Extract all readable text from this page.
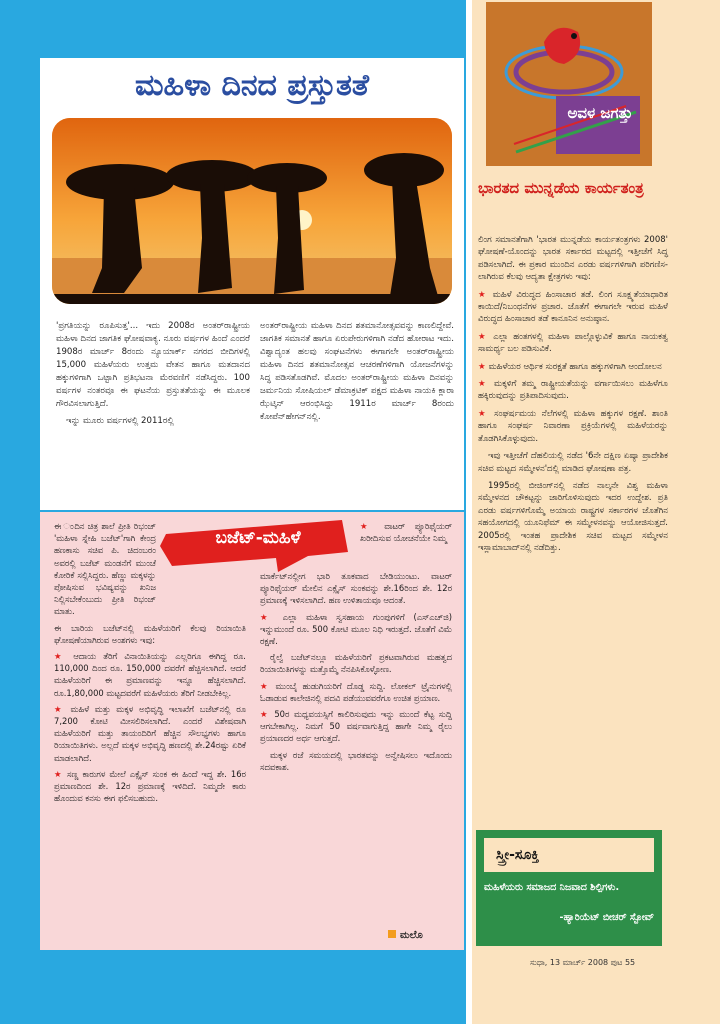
ಮಹಿಳಾ ದಿನದ ಪ್ರಸ್ತುತತೆ

'ಪ್ರಗತಿಯನ್ನು ರೂಪಿಸುತ್ತ'... ಇದು 2008ರ ಅಂತರ್‌ರಾಷ್ಟ್ರೀಯ ಮಹಿಳಾ ದಿನದ ಜಾಗತಿಕ ಘೋಷವಾಕ್ಯ. ನೂರು ವರ್ಷಗಳ ಹಿಂದೆ ಎಂದರೆ 1908ರ ಮಾರ್ಚ್ 8ರಂದು ನ್ಯೂಯಾರ್ಕ್ ನಗರದ ಬೀದಿಗಳಲ್ಲಿ 15,000 ಮಹಿಳೆಯರು ಉತ್ತಮ ವೇತನ ಹಾಗೂ ಮತದಾನದ ಹಕ್ಕುಗಳಿಗಾಗಿ ಒಟ್ಟಾಗಿ ಪ್ರತಿಭಟನಾ ಮೆರವಣಿಗೆ ನಡೆಸಿದ್ದರು. 100 ವರ್ಷಗಳ ನಂತರವೂ ಈ ಘಟನೆಯ ಪ್ರಸ್ತುತತೆಯನ್ನು ಈ ಮೂಲಕ ಗೌರವಿಸಲಾಗುತ್ತಿದೆ.

ಇನ್ನು ಮೂರು ವರ್ಷಗಳಲ್ಲಿ 2011ರಲ್ಲಿ

ಅಂತರ್‌ರಾಷ್ಟ್ರೀಯ ಮಹಿಳಾ ದಿನದ ಶತಮಾನೋತ್ಸವವನ್ನು ಕಾಣಲಿದ್ದೇವೆ. ಜಾಗತಿಕ ಸಮಾನತೆ ಹಾಗೂ ಏರುಪೇರುಗಳಿಗಾಗಿ ನಡೆದ ಹೋರಾಟ ಇದು. ವಿಶ್ವಾದ್ಯಂತ ಹಲವು ಸಂಘಟನೆಗಳು ಈಗಾಗಲೇ ಅಂತರ್‌ರಾಷ್ಟ್ರೀಯ ಮಹಿಳಾ ದಿನದ ಶತಮಾನೋತ್ಸವ ಆಚರಣೆಗಳಿಗಾಗಿ ಯೋಜನೆಗಳನ್ನು ಸಿದ್ಧ ಪಡಿಸತೊಡಗಿವೆ. ಮೊದಲ ಅಂತರ್‌ರಾಷ್ಟ್ರೀಯ ಮಹಿಳಾ ದಿನವನ್ನು ಜರ್ಮನಿಯ ಸೋಷಿಯಲ್ ಡೆಮಾಕ್ರಟಿಕ್ ಪಕ್ಷದ ಮಹಿಳಾ ನಾಯಕಿ ಕ್ಲಾರಾ ಝೆಟ್ಕಿನ್ ಆರಂಭಿಸಿದ್ದು 1911ರ ಮಾರ್ಚ್ 8ರಂದು ಕೋಪೆನ್‌ಹೇಗನ್‌ನಲ್ಲಿ.

ಬಜೆಟ್-ಮಹಿಳೆ

ಈ ಂದಿನ ಚಿತ್ರ ಶಾಲೆ ಪ್ರೀತಿ ರಿಭಂಜ್ 'ಮಹಿಳಾ ಸ್ನೇಹಿ ಬಜೆಟ್'ಗಾಗಿ ಕೇಂದ್ರ ಹಣಕಾಸು ಸಚಿವ ಪಿ. ಚಿದಂಬರಂ ಅವರಲ್ಲಿ ಬಜೆಟ್ ಮಂಡನೆಗೆ ಮುಂಚೆ ಕೋರಿಕೆ ಸಲ್ಲಿಸಿದ್ದರು. ಹೆಣ್ಣು ಮಕ್ಕಳನ್ನು ಪೋಷಿಸುವ ಭವಿಷ್ಯವನ್ನು ಖನಿಜ ನಿಲ್ಲಿಸಬೇಕೆಂಬುದು ಪ್ರೀತಿ ರಿಭಂಜ್ ಮಾತು.

ಈ ಬಾರಿಯ ಬಜೆಟ್‌ನಲ್ಲಿ ಮಹಿಳೆಯರಿಗೆ ಕೆಲವು ರಿಯಾಯಿತಿ ಘೋಷಣೆಯಾಗಿರುವ ಅಂಶಗಳು ಇವು:

★ ಆದಾಯ ತೆರಿಗೆ ವಿನಾಯಿತಿಯನ್ನು ಎಲ್ಲರಿಗೂ ಈಗಿದ್ದ ರೂ. 110,000 ದಿಂದ ರೂ. 150,000 ದವರೆಗೆ ಹೆಚ್ಚಿಸಲಾಗಿದೆ. ಆದರೆ ಮಹಿಳೆಯರಿಗೆ ಈ ಪ್ರಮಾಣವನ್ನು ಇನ್ನೂ ಹೆಚ್ಚಿಸಲಾಗಿದೆ. ರೂ.1,80,000 ಮಟ್ಟದವರೆಗೆ ಮಹಿಳೆಯರು ತೆರಿಗೆ ನೀಡಬೇಕಿಲ್ಲ.

★ ಮಹಿಳೆ ಮತ್ತು ಮಕ್ಕಳ ಅಭಿವೃದ್ಧಿ ಇಲಾಖೆಗೆ ಬಜೆಟ್‌ನಲ್ಲಿ ರೂ 7,200 ಕೋಟಿ ಮೀಸಲಿರಿಸಲಾಗಿದೆ. ಎಂದರೆ ವಿಶೇಷವಾಗಿ ಮಹಿಳೆಯರಿಗೆ ಮತ್ತು ತಾಯಂದಿರಿಗೆ ಹೆಚ್ಚಿನ ಸೌಲಭ್ಯಗಳು ಹಾಗೂ ರಿಯಾಯಿತಿಗಳು. ಅಲ್ಲದೆ ಮಕ್ಕಳ ಅಭಿವೃದ್ಧಿ ಹಣದಲ್ಲಿ ಶೇ.24ರಷ್ಟು ಏರಿಕೆ ಮಾಡಲಾಗಿದೆ.

★ ಸಣ್ಣ ಕಾರುಗಳ ಮೇಲೆ ಎಕ್ಸೈಸ್ ಸುಂಕ ಈ ಹಿಂದೆ ಇದ್ದ ಶೇ. 16ರ ಪ್ರಮಾಣದಿಂದ ಶೇ. 12ರ ಪ್ರಮಾಣಕ್ಕೆ ಇಳಿದಿದೆ. ನಿಮ್ಮದೇ ಕಾರು ಹೊಂದುವ ಕನಸು ಈಗ ಫಲಿಸಬಹುದು.

★ ವಾಟರ್ ಪ್ಯೂರಿಫೈಯರ್ ಖರೀದಿಸುವ ಯೋಚನೆಯೇ ನಿಮ್ಮ

ಮಾರ್ಕೆಟ್‌ನಲ್ಲೀಗ ಭಾರಿ ತೂಕವಾದ ಬೇಡಿಯುಂಟು. ವಾಟರ್ ಪ್ಯೂರಿಫೈಯರ್ ಮೇಲಿನ ಎಕ್ಸೈಸ್ ಸುಂಕವನ್ನು ಶೇ.16ರಿಂದ ಶೇ. 12ರ ಪ್ರಮಾಣಕ್ಕೆ ಇಳಿಸಲಾಗಿದೆ. ಹಣ ಉಳಿತಾಯವೂ ಆದಂತೆ.

★ ಎಲ್ಲಾ ಮಹಿಳಾ ಸ್ವಸಹಾಯ ಗುಂಪುಗಳಿಗೆ (ಎಸ್‌ಎಚ್‌ಜಿ) ಇನ್ನುಮುಂದೆ ರೂ. 500 ಕೋಟಿ ಮೂಲ ನಿಧಿ ಇರುತ್ತದೆ. ಜೊತೆಗೆ ವಿಮೆ ರಕ್ಷಣೆ.

ರೈಲ್ವೆ ಬಜೆಟ್‌ನಲ್ಲೂ ಮಹಿಳೆಯರಿಗೆ ಪ್ರಕಟವಾಗಿರುವ ಮಹತ್ವದ ರಿಯಾಯಿತಿಗಳನ್ನು ಮತ್ತೊಮ್ಮೆ ನೆನಪಿಸಿಕೊಳ್ಳೋಣ.

★ ಮುಂಬೈ ಹುಡುಗಿಯರಿಗೆ ದೊಡ್ಡ ಸುದ್ದಿ. ಲೋಕಲ್ ಟ್ರೈನುಗಳಲ್ಲಿ ಓಡಾಡುವ ಕಾಲೇಜಿನಲ್ಲಿ ಪದವಿ ಪಡೆಯುವವರೆಗೂ ಉಚಿತ ಪ್ರಯಾಣ.

★ 50ರ ಮಧ್ಯವಯಸ್ಸಿಗೆ ಕಾಲಿರಿಸುವುದು ಇನ್ನು ಮುಂದೆ ಕೆಟ್ಟ ಸುದ್ದಿ ಆಗಬೇಕಾಗಿಲ್ಲ. ನಿಮಗೆ 50 ವರ್ಷವಾಗುತ್ತಿದ್ದ ಹಾಗೇ ನಿಮ್ಮ ರೈಲು ಪ್ರಯಾಣದರ ಅರ್ಧ ಆಗುತ್ತದೆ.

ಮಕ್ಕಳ ರಜೆ ಸಮಯದಲ್ಲಿ ಭಾರತವನ್ನು ಅನ್ವೇಷಿಸಲು ಇದೊಂದು ಸದವಕಾಶ.

ಮಲೊ
ಅವಳ ಜಗತ್ತು
ಭಾರತದ ಮುನ್ನಡೆಯ ಕಾರ್ಯತಂತ್ರ

ಲಿಂಗ ಸಮಾನತೆಗಾಗಿ 'ಭಾರತ ಮುನ್ನಡೆಯ ಕಾರ್ಯತಂತ್ರಗಳು 2008' ಘೋಷಣೆ-ಯೊಂದನ್ನು ಭಾರತ ಸರ್ಕಾರದ ಮಟ್ಟದಲ್ಲಿ ಇತ್ತೀಚೆಗೆ ಸಿದ್ಧ ಪಡಿಸಲಾಗಿದೆ. ಈ ಪ್ರಕಾರ ಮುಂದಿನ ಎರಡು ವರ್ಷಗಳಿಗಾಗಿ ಪರಿಗಣಿಸ-ಲಾಗಿರುವ ಕೆಲವು ಆದ್ಯತಾ ಕ್ಷೇತ್ರಗಳು ಇವು:

★ ಮಹಿಳೆ ವಿರುದ್ಧದ ಹಿಂಸಾಚಾರ ತಡೆ. ಲಿಂಗ ಸೂಕ್ಷ್ಮತೆಯಾಧಾರಿತ ಕಾಯಿದೆ/ನಿಬಂಧನೆಗಳ ಪ್ರಚಾರ. ಜೊತೆಗೆ ಈಗಾಗಲೇ ಇರುವ ಮಹಿಳೆ ವಿರುದ್ಧದ ಹಿಂಸಾಚಾರ ತಡೆ ಕಾನೂನಿನ ಅನುಷ್ಠಾನ.

★ ಎಲ್ಲಾ ಹಂತಗಳಲ್ಲಿ ಮಹಿಳಾ ಪಾಲ್ಗೊಳ್ಳುವಿಕೆ ಹಾಗೂ ನಾಯಕತ್ವ ಸಾಮರ್ಥ್ಯ ಬಲ ಪಡಿಸುವಿಕೆ.

★ ಮಹಿಳೆಯರ ಆರ್ಥಿಕ ಸುರಕ್ಷತೆ ಹಾಗೂ ಹಕ್ಕುಗಳಿಗಾಗಿ ಆಂದೋಲನ

★ ಮಕ್ಕಳಿಗೆ ತಮ್ಮ ರಾಷ್ಟ್ರೀಯತೆಯನ್ನು ವರ್ಗಾಯಿಸಲು ಮಹಿಳೆಗೂ ಹಕ್ಕಿರುವುದನ್ನು ಪ್ರತಿಪಾದಿಸುವುದು.

★ ಸಂಘರ್ಷಮಯ ನೆಲೆಗಳಲ್ಲಿ ಮಹಿಳಾ ಹಕ್ಕುಗಳ ರಕ್ಷಣೆ. ಶಾಂತಿ ಹಾಗೂ ಸಂಘರ್ಷ ನಿವಾರಣಾ ಪ್ರಕ್ರಿಯೆಗಳಲ್ಲಿ ಮಹಿಳೆಯರನ್ನು ತೊಡಗಿಸಿಕೊಳ್ಳುವುದು.

ಇವು ಇತ್ತೀಚೆಗೆ ದೆಹಲಿಯಲ್ಲಿ ನಡೆದ '6ನೇ ದಕ್ಷಿಣ ಏಷ್ಯಾ ಪ್ರಾದೇಶಿಕ ಸಚಿವ ಮಟ್ಟದ ಸಮ್ಮೇಳನ'ದಲ್ಲಿ ಮಾಡಿದ ಘೋಷಣಾ ಪತ್ರ.

1995ರಲ್ಲಿ ಬೀಜಿಂಗ್‌ನಲ್ಲಿ ನಡೆದ ನಾಲ್ಕನೇ ವಿಶ್ವ ಮಹಿಳಾ ಸಮ್ಮೇಳನದ ಚೌಕಟ್ಟನ್ನು ಜಾರಿಗೊಳಿಸುವುದು ಇದರ ಉದ್ದೇಶ. ಪ್ರತಿ ಎರಡು ವರ್ಷಗಳಿಗೊಮ್ಮೆ ಅಯಾಯ ರಾಷ್ಟ್ರಗಳ ಸರ್ಕಾರಗಳ ಜೊತೆಗಿನ ಸಹಯೋಗದಲ್ಲಿ ಯೂನಿಫೆಮ್ ಈ ಸಮ್ಮೇಳನವನ್ನು ಆಯೋಜಿಸುತ್ತದೆ. 2005ರಲ್ಲಿ ಇಂತಹ ಪ್ರಾದೇಶಿಕ ಸಚಿವ ಮಟ್ಟದ ಸಮ್ಮೇಳನ ಇಸ್ಲಾಮಾಬಾದ್‌ನಲ್ಲಿ ನಡೆದಿತ್ತು.

ಸ್ತ್ರೀ-ಸೂಕ್ತಿ
ಮಹಿಳೆಯರು ಸಮಾಜದ ನಿಜವಾದ ಶಿಲ್ಪಿಗಳು.
-ಹ್ಯಾರಿಯೆಟ್ ಬೀಚರ್ ಸ್ಟೋವ್
ಸುಧಾ, 13 ಮಾರ್ಚ್ 2008 ಪುಟ 55
